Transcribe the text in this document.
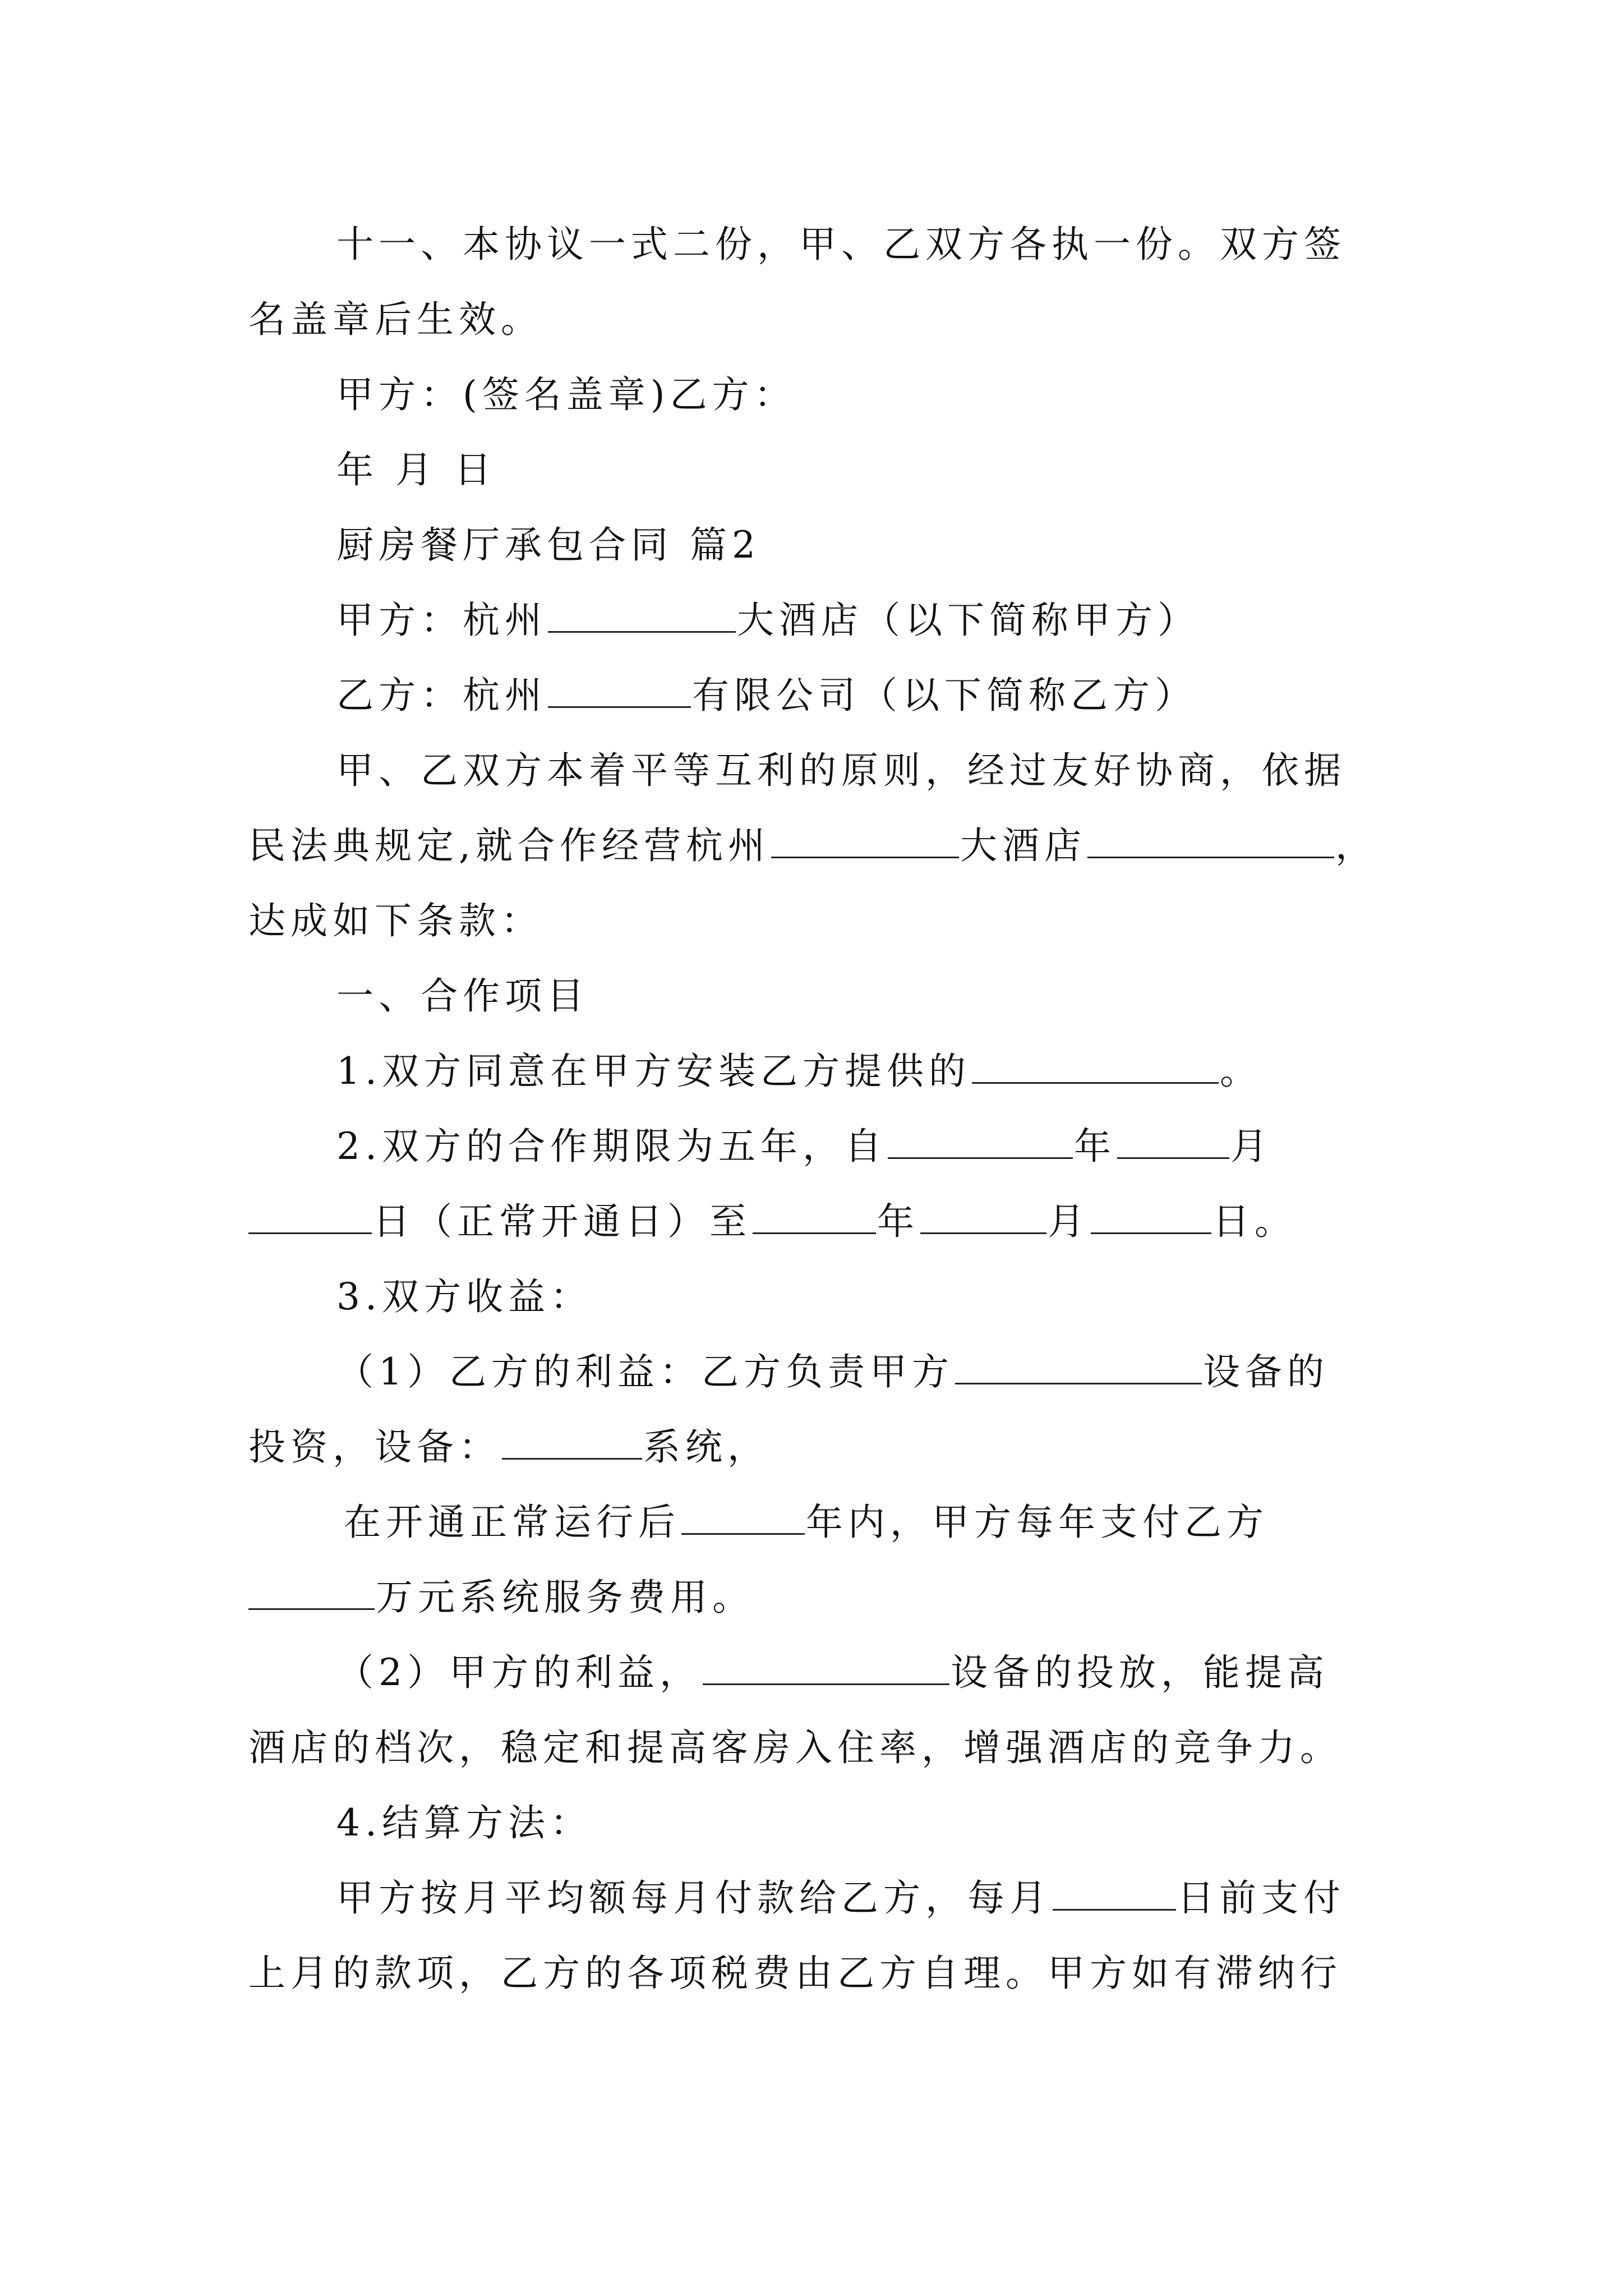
十一、本协议一式二份，甲、乙双方各执一份。双方签
名盖章后生效。
甲方：(签名盖章)乙方：
年 月 日
厨房餐厅承包合同 篇2
甲方：杭州	大酒店（以下简称甲方）
乙方：杭州	有限公司（以下简称乙方）
甲、乙双方本着平等互利的原则，经过友好协商，依据
民法典规定,就合作经营杭州	大酒店	，
达成如下条款：
一、合作项目
1.双方同意在甲方安装乙方提供的	。
2.双方的合作期限为五年，自	年	月
日（正常开通日）至	年	月	日。
3.双方收益：
（1）乙方的利益：乙方负责甲方	设备的
投资，设备：	系统，
在开通正常运行后	年内，甲方每年支付乙方
万元系统服务费用。
（2）甲方的利益，	设备的投放，能提高
酒店的档次，稳定和提高客房入住率，增强酒店的竞争力。
4.结算方法：
甲方按月平均额每月付款给乙方，每月	日前支付
上月的款项，乙方的各项税费由乙方自理。甲方如有滞纳行
